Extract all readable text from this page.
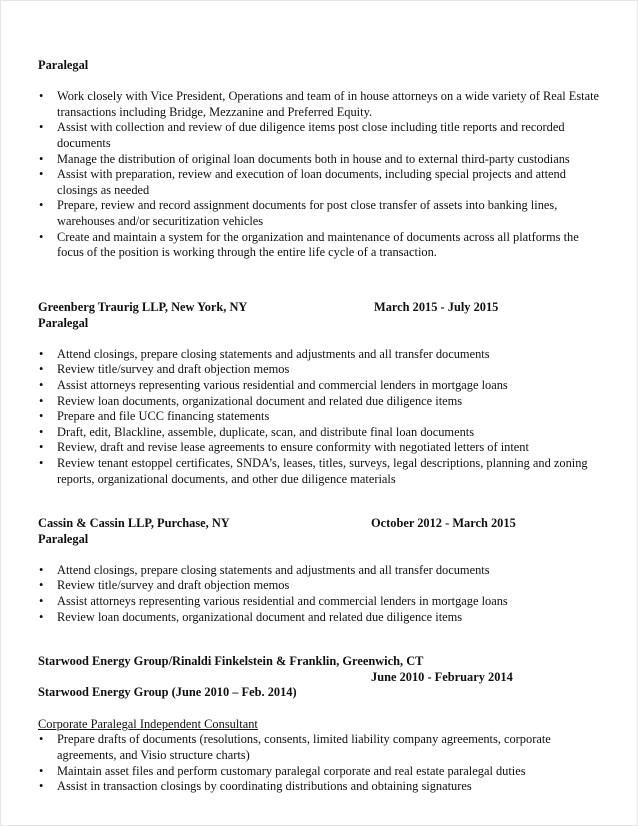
Paralegal
• Work closely with Vice President, Operations and team of in house attorneys on a wide variety of Real Estate transactions including Bridge, Mezzanine and Preferred Equity.
• Assist with collection and review of due diligence items post close including title reports and recorded documents
• Manage the distribution of original loan documents both in house and to external third-party custodians
• Assist with preparation, review and execution of loan documents, including special projects and attend closings as needed
• Prepare, review and record assignment documents for post close transfer of assets into banking lines, warehouses and/or securitization vehicles
• Create and maintain a system for the organization and maintenance of documents across all platforms the focus of the position is working through the entire life cycle of a transaction.
Greenberg Traurig LLP, New York, NY	March 2015 - July 2015
Paralegal
• Attend closings, prepare closing statements and adjustments and all transfer documents
• Review title/survey and draft objection memos
• Assist attorneys representing various residential and commercial lenders in mortgage loans
• Review loan documents, organizational document and related due diligence items
• Prepare and file UCC financing statements
• Draft, edit, Blackline, assemble, duplicate, scan, and distribute final loan documents
• Review, draft and revise lease agreements to ensure conformity with negotiated letters of intent
• Review tenant estoppel certificates, SNDA’s, leases, titles, surveys, legal descriptions, planning and zoning reports, organizational documents, and other due diligence materials
Cassin & Cassin LLP, Purchase, NY	October 2012 - March 2015
Paralegal
• Attend closings, prepare closing statements and adjustments and all transfer documents
• Review title/survey and draft objection memos
• Assist attorneys representing various residential and commercial lenders in mortgage loans
• Review loan documents, organizational document and related due diligence items
Starwood Energy Group/Rinaldi Finkelstein & Franklin, Greenwich, CT
June 2010 - February 2014
Starwood Energy Group (June 2010 – Feb. 2014)
Corporate Paralegal Independent Consultant
• Prepare drafts of documents (resolutions, consents, limited liability company agreements, corporate agreements, and Visio structure charts)
• Maintain asset files and perform customary paralegal corporate and real estate paralegal duties
• Assist in transaction closings by coordinating distributions and obtaining signatures
